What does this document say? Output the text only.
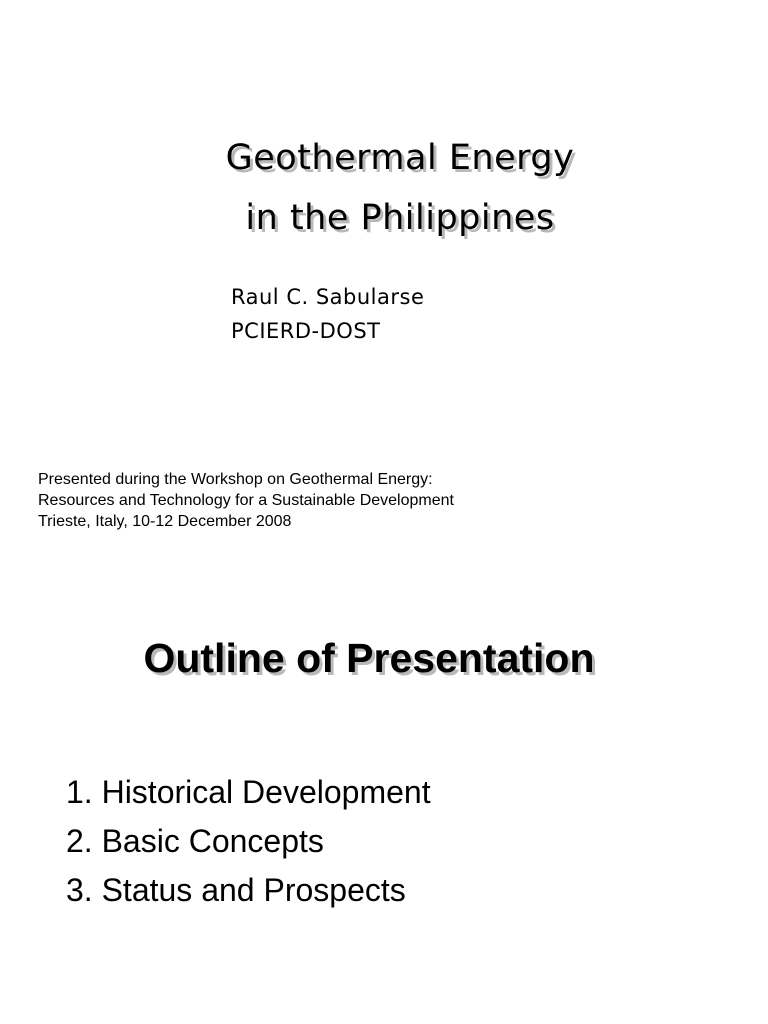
Geothermal Energy
in the Philippines
Raul C. Sabularse
PCIERD-DOST
Presented during the Workshop on Geothermal Energy:
Resources and Technology for a Sustainable Development
Trieste, Italy, 10-12 December 2008
Outline of Presentation
1. Historical Development
2. Basic Concepts
3. Status and Prospects
